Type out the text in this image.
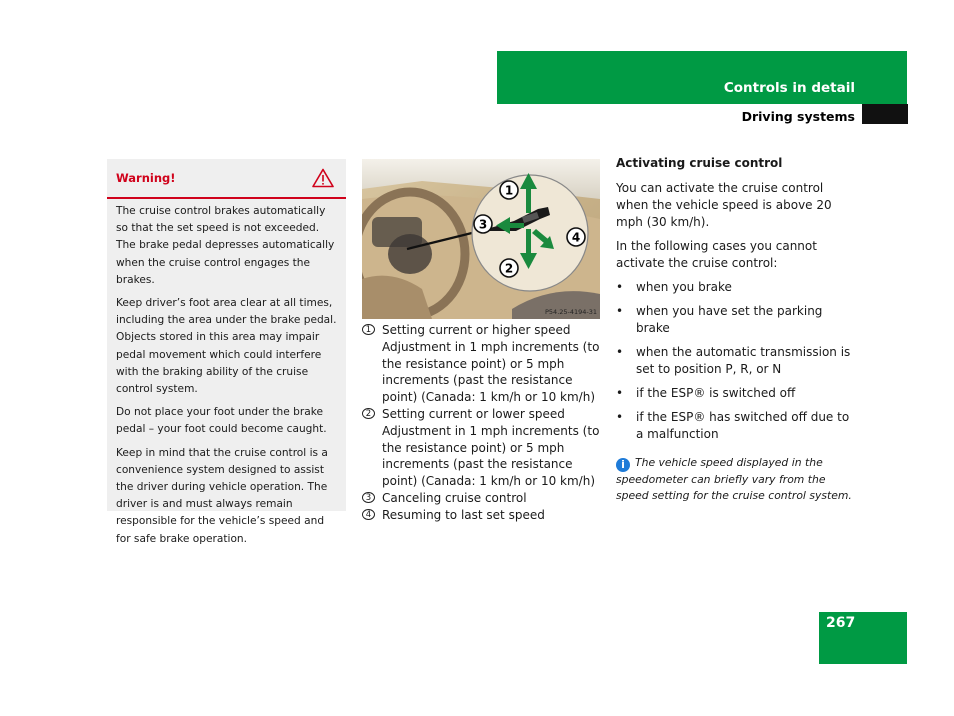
Controls in detail
Driving systems
Warning!

The cruise control brakes automatically so that the set speed is not exceeded. The brake pedal depresses automatically when the cruise control engages the brakes.

Keep driver’s foot area clear at all times, including the area under the brake pedal. Objects stored in this area may impair pedal movement which could interfere with the braking ability of the cruise control system.

Do not place your foot under the brake pedal – your foot could become caught.

Keep in mind that the cruise control is a convenience system designed to assist the driver during vehicle operation. The driver is and must always remain responsible for the vehicle’s speed and for safe brake operation.

1
3
4
2
P54.25-4194-31
1 Setting current or higher speed Adjustment in 1 mph increments (to the resistance point) or 5 mph increments (past the resistance point) (Canada: 1 km/h or 10 km/h)
2 Setting current or lower speed Adjustment in 1 mph increments (to the resistance point) or 5 mph increments (past the resistance point) (Canada: 1 km/h or 10 km/h)
3 Canceling cruise control
4 Resuming to last set speed
Activating cruise control

You can activate the cruise control when the vehicle speed is above 20 mph (30 km/h).

In the following cases you cannot activate the cruise control:

•	when you brake
•	when you have set the parking brake
•	when the automatic transmission is set to position P, R, or N
•	if the ESP® is switched off
•	if the ESP® has switched off due to a malfunction
i The vehicle speed displayed in the speedometer can briefly vary from the speed setting for the cruise control system.
267
